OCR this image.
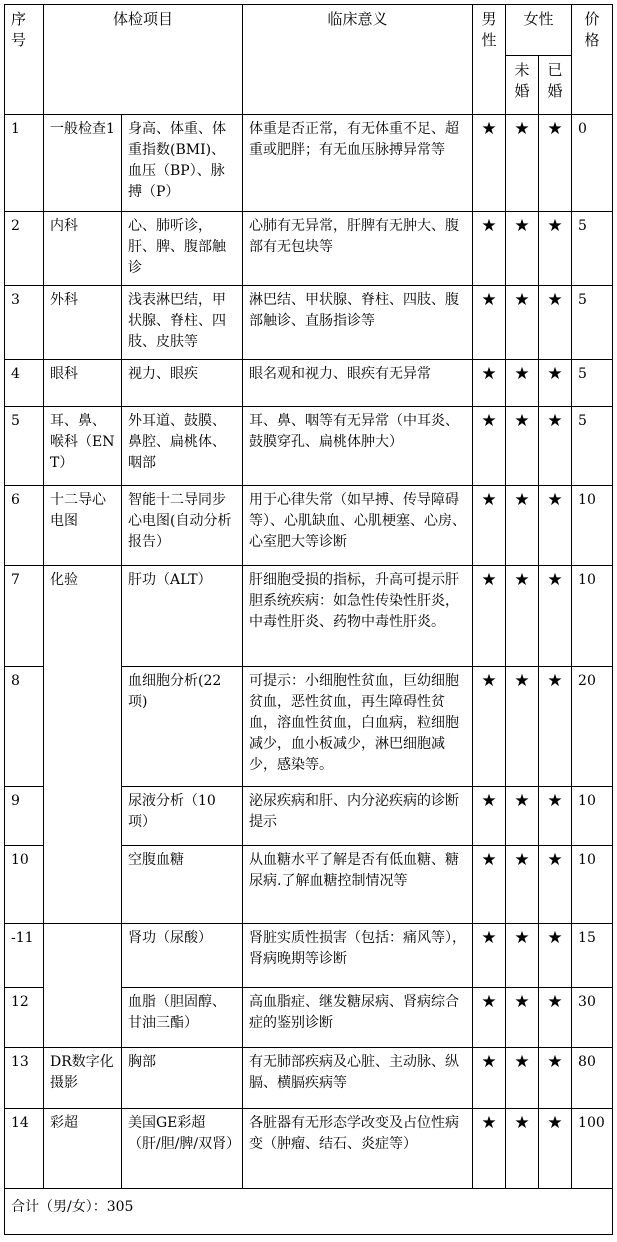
序号	体检项目		临床意义	男性	女性		价格
					未婚	已婚	
1	一般检查1	身高、体重、体重指数(BMI)、血压（BP）、脉搏（P）	体重是否正常，有无体重不足、超重或肥胖；有无血压脉搏异常等	★	★	★	0
2	内科	心、肺听诊，肝、脾、腹部触诊	心肺有无异常，肝脾有无肿大、腹部有无包块等	★	★	★	5
3	外科	浅表淋巴结，甲状腺、脊柱、四肢、皮肤等	淋巴结、甲状腺、脊柱、四肢、腹部触诊、直肠指诊等	★	★	★	5
4	眼科	视力、眼疾	眼名观和视力、眼疾有无异常	★	★	★	5
5	耳、鼻、喉科（ENT）	外耳道、鼓膜、鼻腔、扁桃体、咽部	耳、鼻、咽等有无异常（中耳炎、鼓膜穿孔、扁桃体肿大）	★	★	★	5
6	十二导心电图	智能十二导同步心电图(自动分析报告）	用于心律失常（如早搏、传导障碍等）、心肌缺血、心肌梗塞、心房、心室肥大等诊断	★	★	★	10
7	化验	肝功（ALT）	肝细胞受损的指标，升高可提示肝胆系统疾病：如急性传染性肝炎，中毒性肝炎、药物中毒性肝炎。	★	★	★	10
8		血细胞分析(22项)	可提示：小细胞性贫血，巨幼细胞贫血，恶性贫血，再生障碍性贫血，溶血性贫血，白血病，粒细胞减少，血小板减少，淋巴细胞减少，感染等。	★	★	★	20
9		尿液分析（10项）	泌尿疾病和肝、内分泌疾病的诊断提示	★	★	★	10
10		空腹血糖	从血糖水平了解是否有低血糖、糖尿病.了解血糖控制情况等	★	★	★	10
-11		肾功（尿酸）	肾脏实质性损害（包括：痛风等），肾病晚期等诊断	★	★	★	15
12		血脂（胆固醇、甘油三酯）	高血脂症、继发糖尿病、肾病综合症的鉴别诊断	★	★	★	30
13	DR数字化摄影	胸部	有无肺部疾病及心脏、主动脉、纵膈、横膈疾病等	★	★	★	80
14	彩超	美国GE彩超（肝/胆/脾/双肾）	各脏器有无形态学改变及占位性病变（肿瘤、结石、炎症等）	★	★	★	100
合计（男/女）：305							
